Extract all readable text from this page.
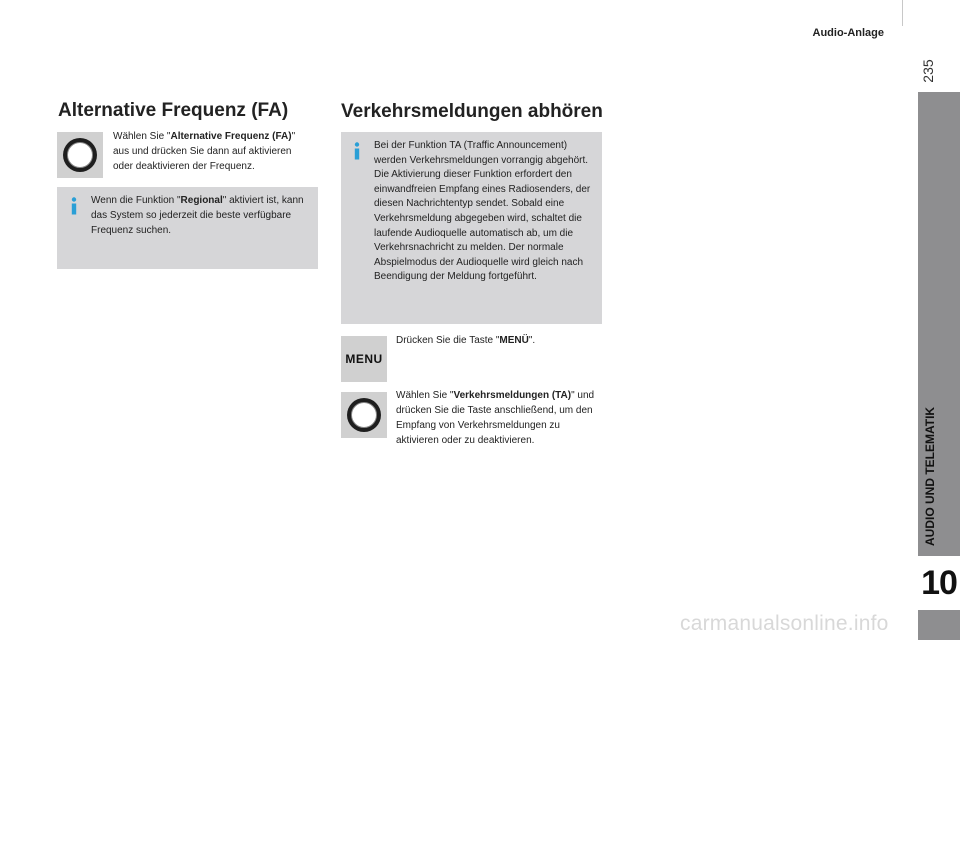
Audio-Anlage
235
AUDIO UND TELEMATIK
10
Alternative Frequenz (FA)
Wählen Sie "Alternative Frequenz (FA)" aus und drücken Sie dann auf aktivieren oder deaktivieren der Frequenz.
Wenn die Funktion "Regional" aktiviert ist, kann das System so jederzeit die beste verfügbare Frequenz suchen.
Verkehrsmeldungen abhören
Bei der Funktion TA (Traffic Announcement) werden Verkehrsmeldungen vorrangig abgehört. Die Aktivierung dieser Funktion erfordert den einwandfreien Empfang eines Radiosenders, der diesen Nachrichtentyp sendet. Sobald eine Verkehrsmeldung abgegeben wird, schaltet die laufende Audioquelle automatisch ab, um die Verkehrsnachricht zu melden. Der normale Abspielmodus der Audioquelle wird gleich nach Beendigung der Meldung fortgeführt.
MENU
Drücken Sie die Taste "MENÜ".
Wählen Sie "Verkehrsmeldungen (TA)" und drücken Sie die Taste anschließend, um den Empfang von Verkehrsmeldungen zu aktivieren oder zu deaktivieren.
carmanualsonline.info
